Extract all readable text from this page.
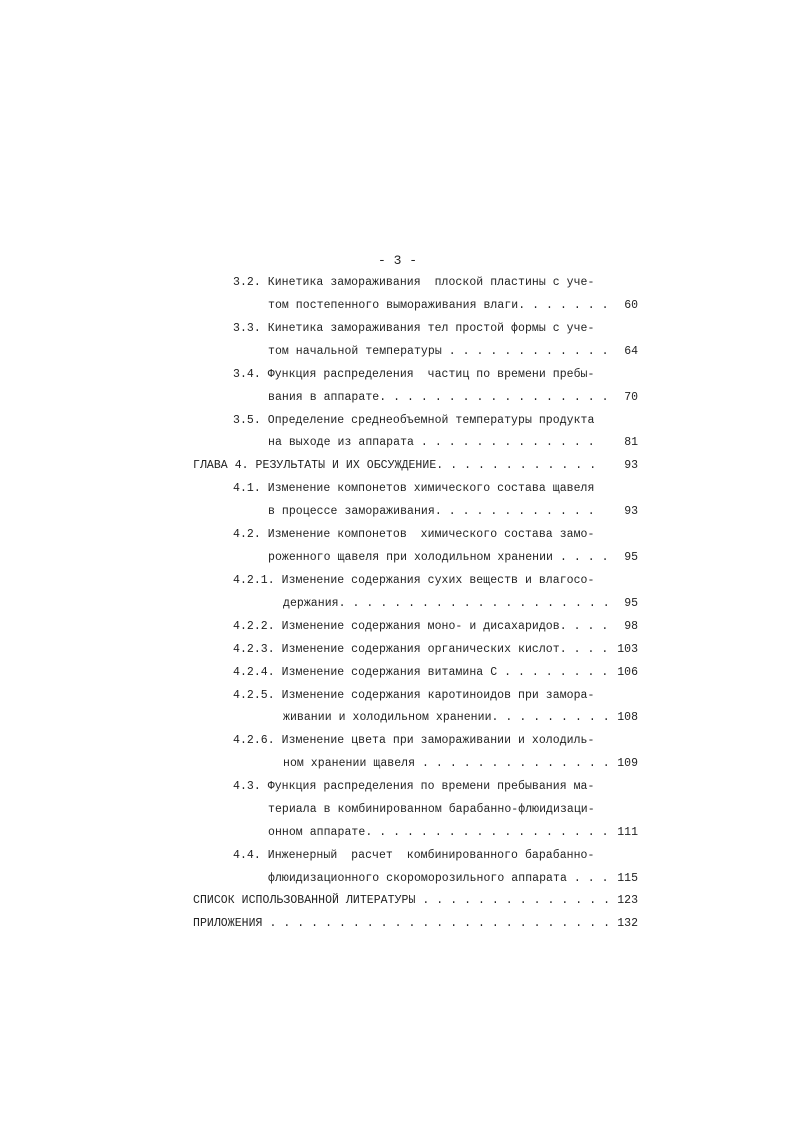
- 3 -
3.2. Кинетика замораживания  плоской пластины с уче-
том постепенного вымораживания влаги. . . . . . .	60
3.3. Кинетика замораживания тел простой формы с уче-
том начальной температуры . . . . . . . . . . . .	64
3.4. Функция распределения  частиц по времени пребы-
вания в аппарате. . . . . . . . . . . . . . . . .	70
3.5. Определение среднеобъемной температуры продукта
на выходе из аппарата . . . . . . . . . . . . .	81
ГЛАВА 4. РЕЗУЛЬТАТЫ И ИХ ОБСУЖДЕНИЕ. . . . . . . . . . . .	93
4.1. Изменение компонетов химического состава щавеля
в процессе замораживания. . . . . . . . . . . .	93
4.2. Изменение компонетов  химического состава замо-
роженного щавеля при холодильном хранении . . . .	95
4.2.1. Изменение содержания сухих веществ и влагосо-
держания. . . . . . . . . . . . . . . . . . . .	95
4.2.2. Изменение содержания моно- и дисахаридов. . . .	98
4.2.3. Изменение содержания органических кислот. . . . 103
4.2.4. Изменение содержания витамина С . . . . . . . . 106
4.2.5. Изменение содержания каротиноидов при замора-
живании и холодильном хранении. . . . . . . . . 108
4.2.6. Изменение цвета при замораживании и холодиль-
ном хранении щавеля . . . . . . . . . . . . . . 109
4.3. Функция распределения по времени пребывания ма-
териала в комбинированном барабанно-флюидизаци-
онном аппарате. . . . . . . . . . . . . . . . . . 111
4.4. Инженерный  расчет  комбинированного барабанно-
флюидизационного скороморозильного аппарата . . . 115
СПИСОК ИСПОЛЬЗОВАННОЙ ЛИТЕРАТУРЫ . . . . . . . . . . . . . . 123
ПРИЛОЖЕНИЯ . . . . . . . . . . . . . . . . . . . . . . . . . 132
